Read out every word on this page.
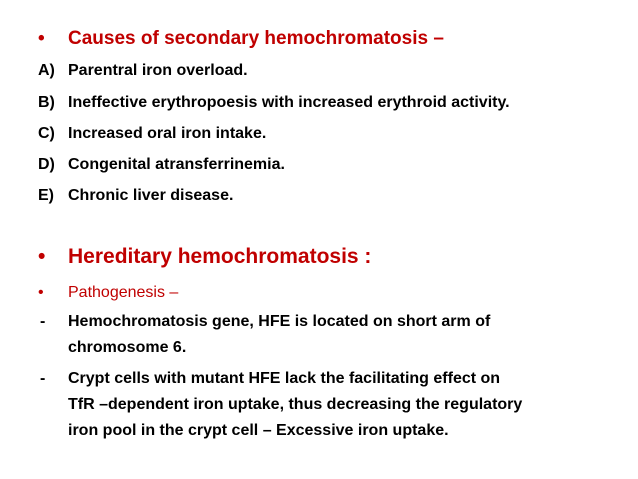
• Causes of secondary hemochromatosis –
A) Parentral iron overload.
B) Ineffective erythropoesis with increased erythroid activity.
C) Increased oral iron intake.
D) Congenital atransferrinemia.
E) Chronic liver disease.
• Hereditary hemochromatosis :
• Pathogenesis –
- Hemochromatosis gene, HFE is located on short arm of
chromosome 6.
- Crypt cells with mutant HFE lack the facilitating effect on
TfR –dependent iron uptake, thus decreasing the regulatory
iron pool in the crypt cell – Excessive iron uptake.
